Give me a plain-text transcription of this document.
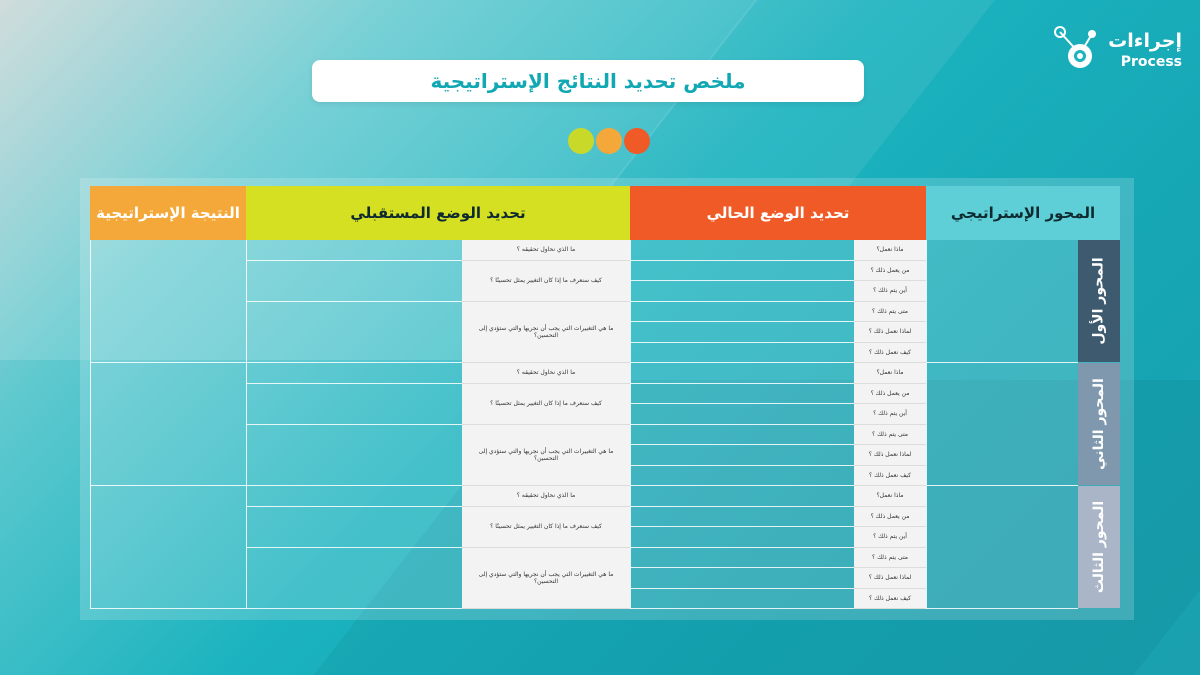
إجراءات
Process
ملخص تحديد النتائج الإستراتيجية
المحور الإستراتيجي
تحديد الوضع الحالي
تحديد الوضع المستقبلي
النتيجة الإستراتيجية
المحور الأول
ماذا نعمل؟
من يعمل ذلك ؟
أين يتم ذلك ؟
متى يتم ذلك ؟
لماذا نعمل ذلك ؟
كيف نعمل ذلك ؟
ما الذي نحاول تحقيقه ؟
كيف سنعرف ما إذا كان التغيير يمثل تحسينًا ؟
ما هي التغييرات التي يجب أن نجريها والتي ستؤدي إلى التحسين؟
المحور الثاني
ماذا نعمل؟
من يعمل ذلك ؟
أين يتم ذلك ؟
متى يتم ذلك ؟
لماذا نعمل ذلك ؟
كيف نعمل ذلك ؟
ما الذي نحاول تحقيقه ؟
كيف سنعرف ما إذا كان التغيير يمثل تحسينًا ؟
ما هي التغييرات التي يجب أن نجريها والتي ستؤدي إلى التحسين؟
المحور الثالث
ماذا نعمل؟
من يعمل ذلك ؟
أين يتم ذلك ؟
متى يتم ذلك ؟
لماذا نعمل ذلك ؟
كيف نعمل ذلك ؟
ما الذي نحاول تحقيقه ؟
كيف سنعرف ما إذا كان التغيير يمثل تحسينًا ؟
ما هي التغييرات التي يجب أن نجريها والتي ستؤدي إلى التحسين؟
